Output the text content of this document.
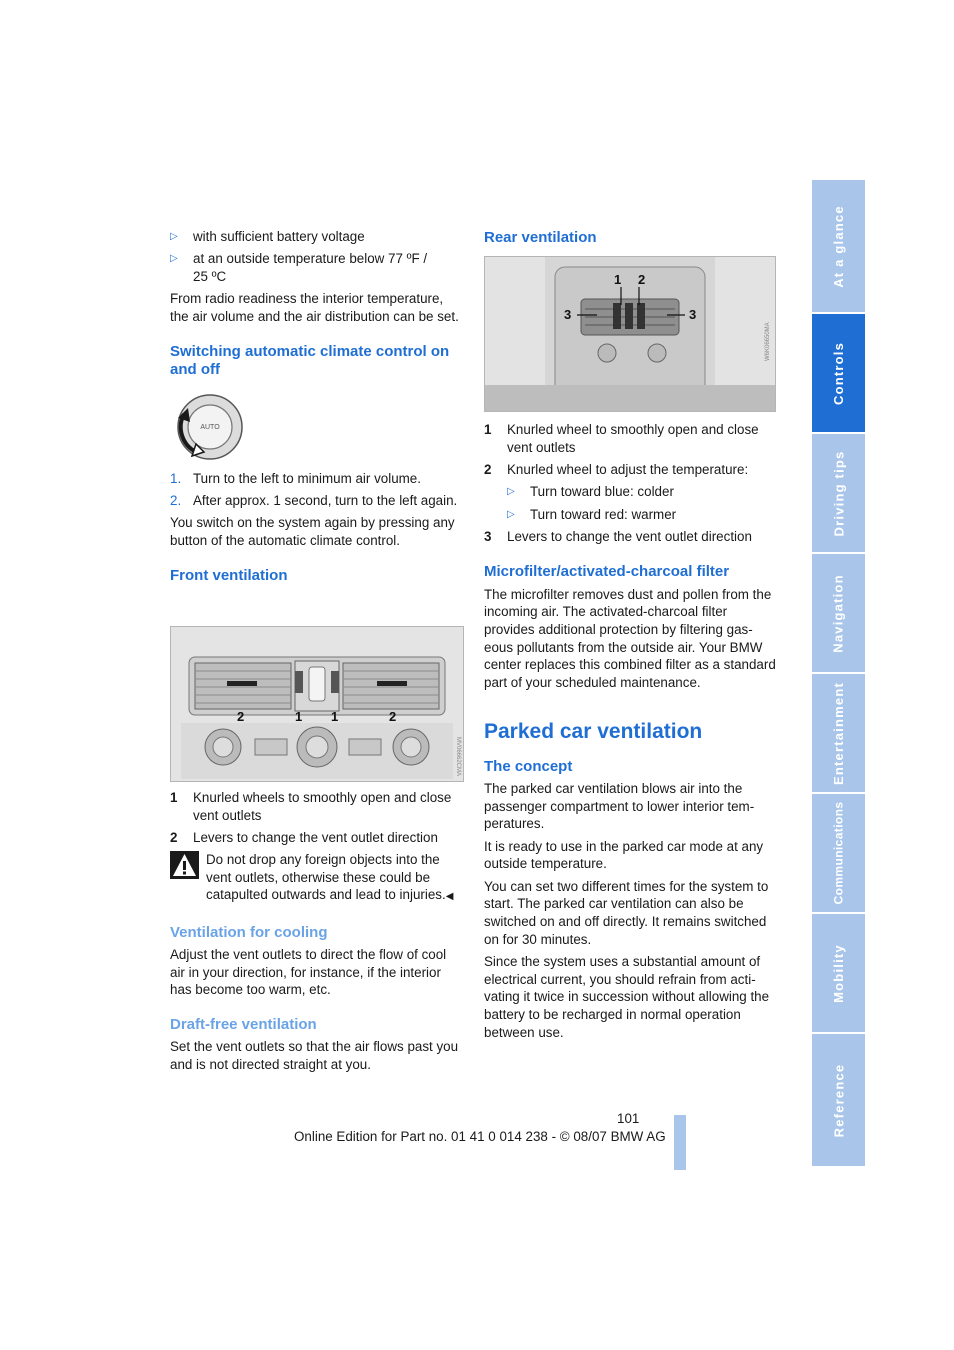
▷ with sufficient battery voltage
▷ at an outside temperature below 77 ºF / 25 ºC

From radio readiness the interior temperature, the air volume and the air distribution can be set.

Switching automatic climate control on and off
AUTO
1. Turn to the left to minimum air volume.
2. After approx. 1 second, turn to the left again.

You switch on the system again by pressing any button of the automatic climate control.

Front ventilation
2	1 1	2
MV06662CMA
1 Knurled wheels to smoothly open and close vent outlets
2 Levers to change the vent outlet direction
Do not drop any foreign objects into the vent outlets, otherwise these could be catapulted outwards and lead to injuries.◀
Ventilation for cooling

Adjust the vent outlets to direct the flow of cool air in your direction, for instance, if the interior has become too warm, etc.

Draft-free ventilation

Set the vent outlets so that the air flows past you and is not directed straight at you.

Rear ventilation
1 2
3	3
W6K06650MA
1 Knurled wheel to smoothly open and close vent outlets
2 Knurled wheel to adjust the temperature:
▷ Turn toward blue: colder
▷ Turn toward red: warmer
3 Levers to change the vent outlet direction
Microfilter/activated-charcoal filter

The microfilter removes dust and pollen from the incoming air. The activated-charcoal filter provides additional protection by filtering gaseous pollutants from the outside air. Your BMW center replaces this combined filter as a standard part of your scheduled maintenance.

Parked car ventilation
The concept

The parked car ventilation blows air into the passenger compartment to lower interior temperatures.

It is ready to use in the parked car mode at any outside temperature.

You can set two different times for the system to start. The parked car ventilation can also be switched on and off directly. It remains switched on for 30 minutes.

Since the system uses a substantial amount of electrical current, you should refrain from activating it twice in succession without allowing the battery to be recharged in normal operation between use.

At a glance
Controls
Driving tips
Navigation
Entertainment
Communications
Mobility
Reference
101
Online Edition for Part no. 01 41 0 014 238 - © 08/07 BMW AG
